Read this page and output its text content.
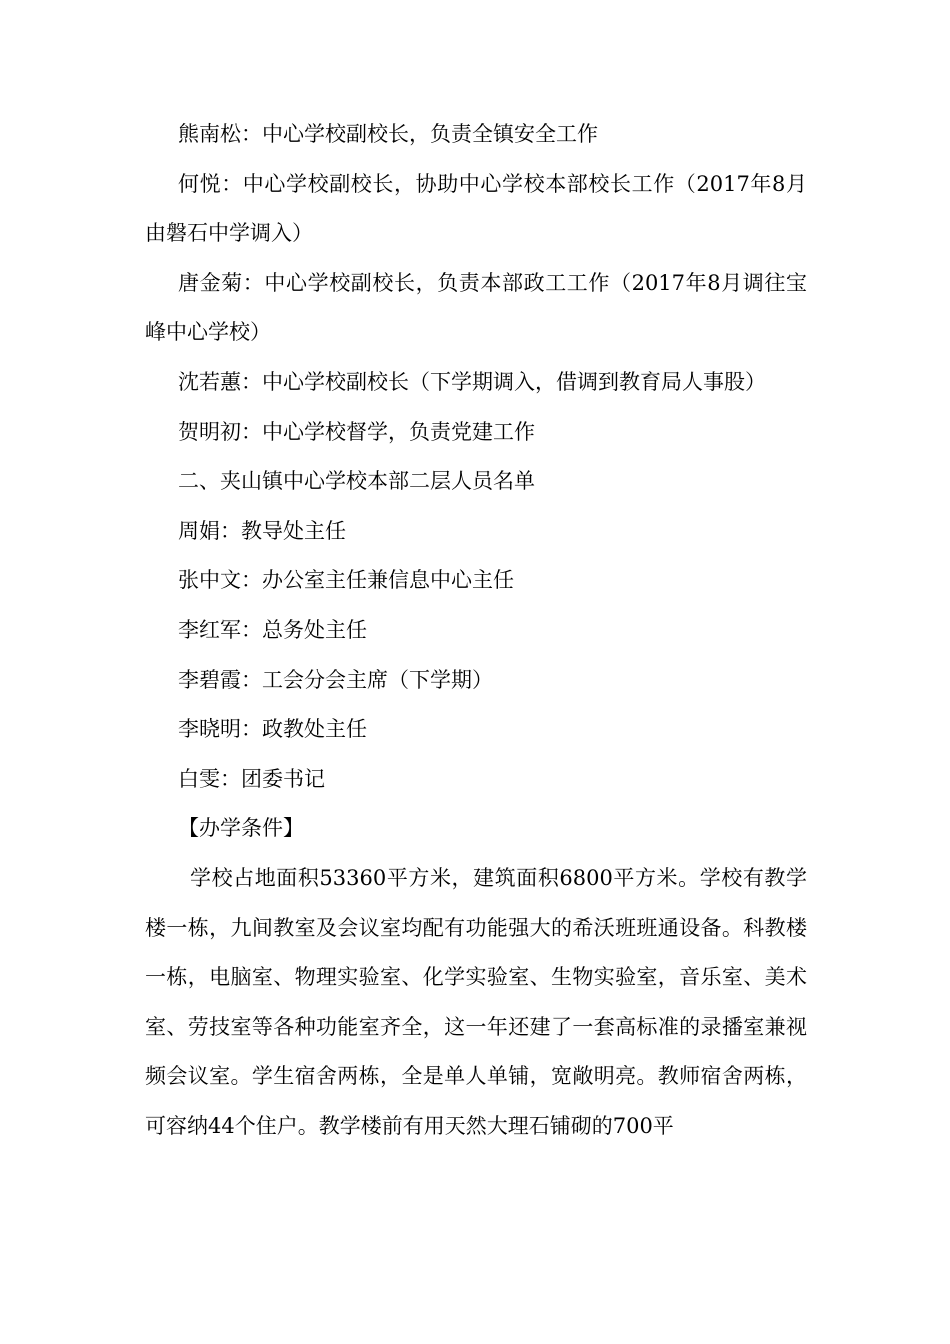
熊南松：中心学校副校长，负责全镇安全工作

何悦：中心学校副校长，协助中心学校本部校长工作（2017年8月由磐石中学调入）

唐金菊：中心学校副校长，负责本部政工工作（2017年8月调往宝峰中心学校）

沈若蕙：中心学校副校长（下学期调入，借调到教育局人事股）

贺明初：中心学校督学，负责党建工作

二、夹山镇中心学校本部二层人员名单

周娟：教导处主任

张中文：办公室主任兼信息中心主任

李红军：总务处主任

李碧霞：工会分会主席（下学期）

李晓明：政教处主任

白雯：团委书记

【办学条件】

学校占地面积53360平方米，建筑面积6800平方米。学校有教学楼一栋，九间教室及会议室均配有功能强大的希沃班班通设备。科教楼一栋，电脑室、物理实验室、化学实验室、生物实验室，音乐室、美术室、劳技室等各种功能室齐全，这一年还建了一套高标准的录播室兼视频会议室。学生宿舍两栋，全是单人单铺，宽敞明亮。教师宿舍两栋，可容纳44个住户。教学楼前有用天然大理石铺砌的700平
